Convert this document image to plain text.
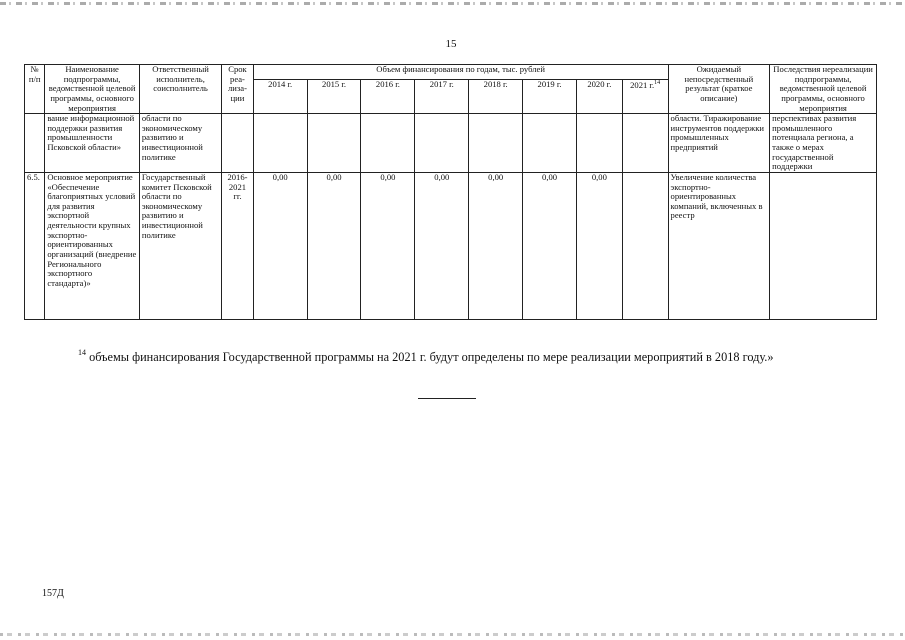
15
№ п/п	Наименование подпрограммы, ведомственной целевой программы, основного мероприятия	Ответственный исполнитель, соисполнитель	Срок реа-лиза-ции	Объем финансирования по годам, тыс. рублей								Ожидаемый непосредственный результат (краткое описание)	Последствия нереализации подпрограммы, ведомственной целевой программы, основного мероприятия
				2014 г.	2015 г.	2016 г.	2017 г.	2018 г.	2019 г.	2020 г.	2021 г.$^{14}$
	вание информационной поддержки развития промышленности Псковской области»	области по экономическому развитию и инвестиционной политике										области. Тиражирование инструментов поддержки промышленных предприятий	перспективах развития промышленного потенциала региона, а также о мерах государственной поддержки
6.5.	Основное мероприятие «Обеспечение благоприятных условий для развития экспортной деятельности крупных экспортно-ориентированных организаций (внедрение Регионального экспортного стандарта)»	Государственный комитет Псковской области по экономическому развитию и инвестиционной политике	2016-2021 гг.	0,00	0,00	0,00	0,00	0,00	0,00	0,00		Увеличение количества экспортно-ориентированных компаний, включенных в реестр	
$^{14}$ объемы финансирования Государственной программы на 2021 г. будут определены по мере реализации мероприятий в 2018 году.»
157Д
